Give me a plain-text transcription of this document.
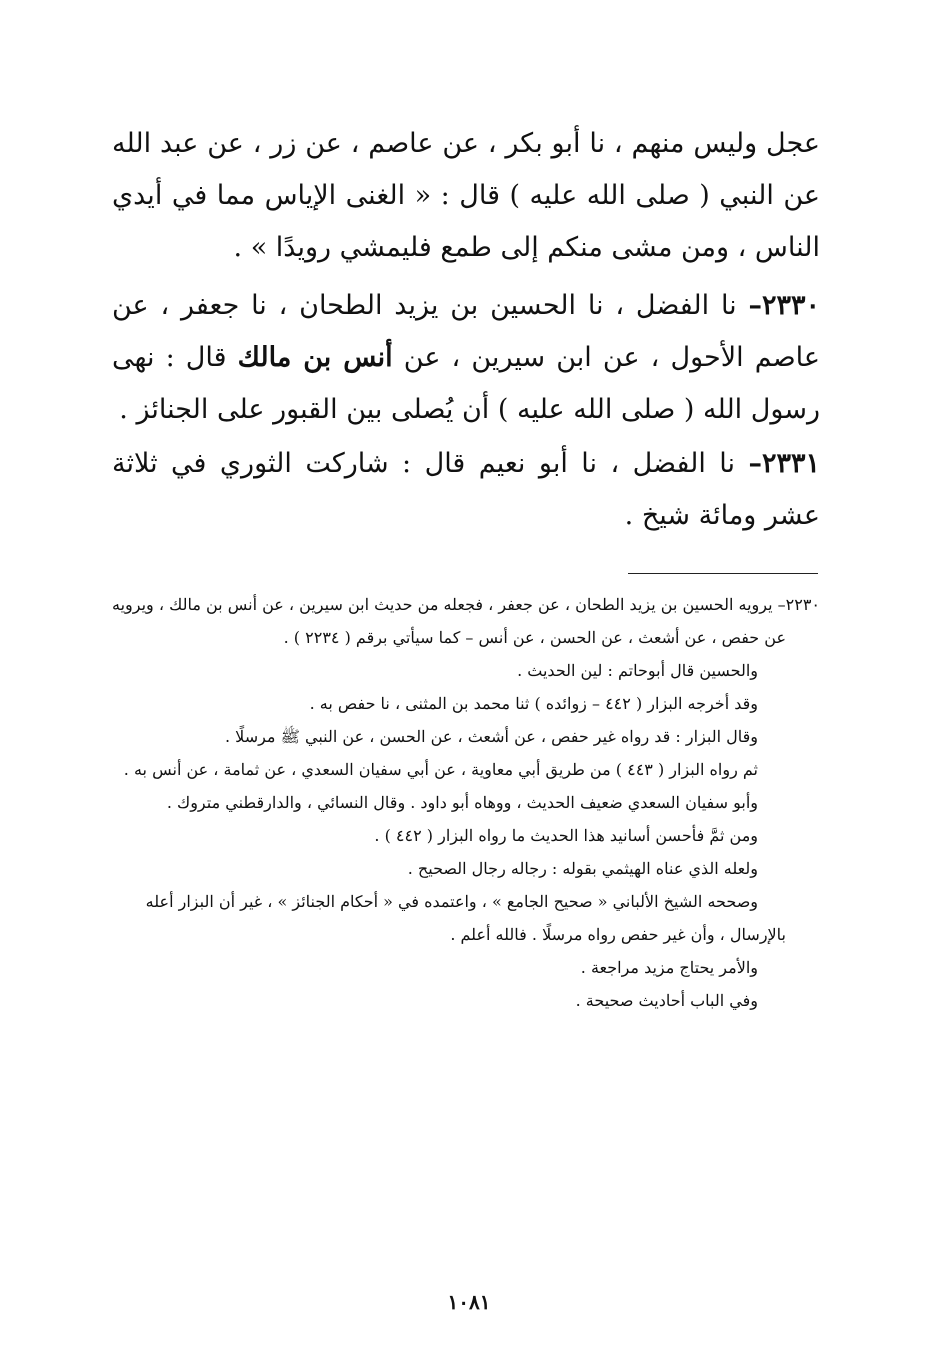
عجل وليس منهم ، نا أبو بكر ، عن عاصم ، عن زر ، عن عبد الله عن النبي ( صلى الله عليه ) قال : « الغنى الإياس مما في أيدي الناس ، ومن مشى منكم إلى طمع فليمشي رويدًا » .

٢٣٣٠– نا الفضل ، نا الحسين بن يزيد الطحان ، نا جعفر ، عن عاصم الأحول ، عن ابن سيرين ، عن أنس بن مالك قال : نهى رسول الله ( صلى الله عليه ) أن يُصلى بين القبور على الجنائز .

٢٣٣١– نا الفضل ، نا أبو نعيم قال : شاركت الثوري في ثلاثة عشر ومائة شيخ .

٢٢٣٠– يرويه الحسين بن يزيد الطحان ، عن جعفر ، فجعله من حديث ابن سيرين ، عن أنس بن مالك ، ويرويه عن حفص ، عن أشعث ، عن الحسن ، عن أنس – كما سيأتي برقم ( ٢٢٣٤ ) .

والحسين قال أبوحاتم : لين الحديث .

وقد أخرجه البزار ( ٤٤٢ – زوائده ) ثنا محمد بن المثنى ، نا حفص به .

وقال البزار : قد رواه غير حفص ، عن أشعث ، عن الحسن ، عن النبي ﷺ مرسلًا .

ثم رواه البزار ( ٤٤٣ ) من طريق أبي معاوية ، عن أبي سفيان السعدي ، عن ثمامة ، عن أنس به .

وأبو سفيان السعدي ضعيف الحديث ، ووهاه أبو داود . وقال النسائي ، والدارقطني متروك .

ومن ثمَّ فأحسن أسانيد هذا الحديث ما رواه البزار ( ٤٤٢ ) .

ولعله الذي عناه الهيثمي بقوله : رجاله رجال الصحيح .

وصححه الشيخ الألباني « صحيح الجامع » ، واعتمده في « أحكام الجنائز » ، غير أن البزار أعله بالإرسال ، وأن غير حفص رواه مرسلًا . فالله أعلم .

والأمر يحتاج مزيد مراجعة .

وفي الباب أحاديث صحيحة .

١٠٨١
